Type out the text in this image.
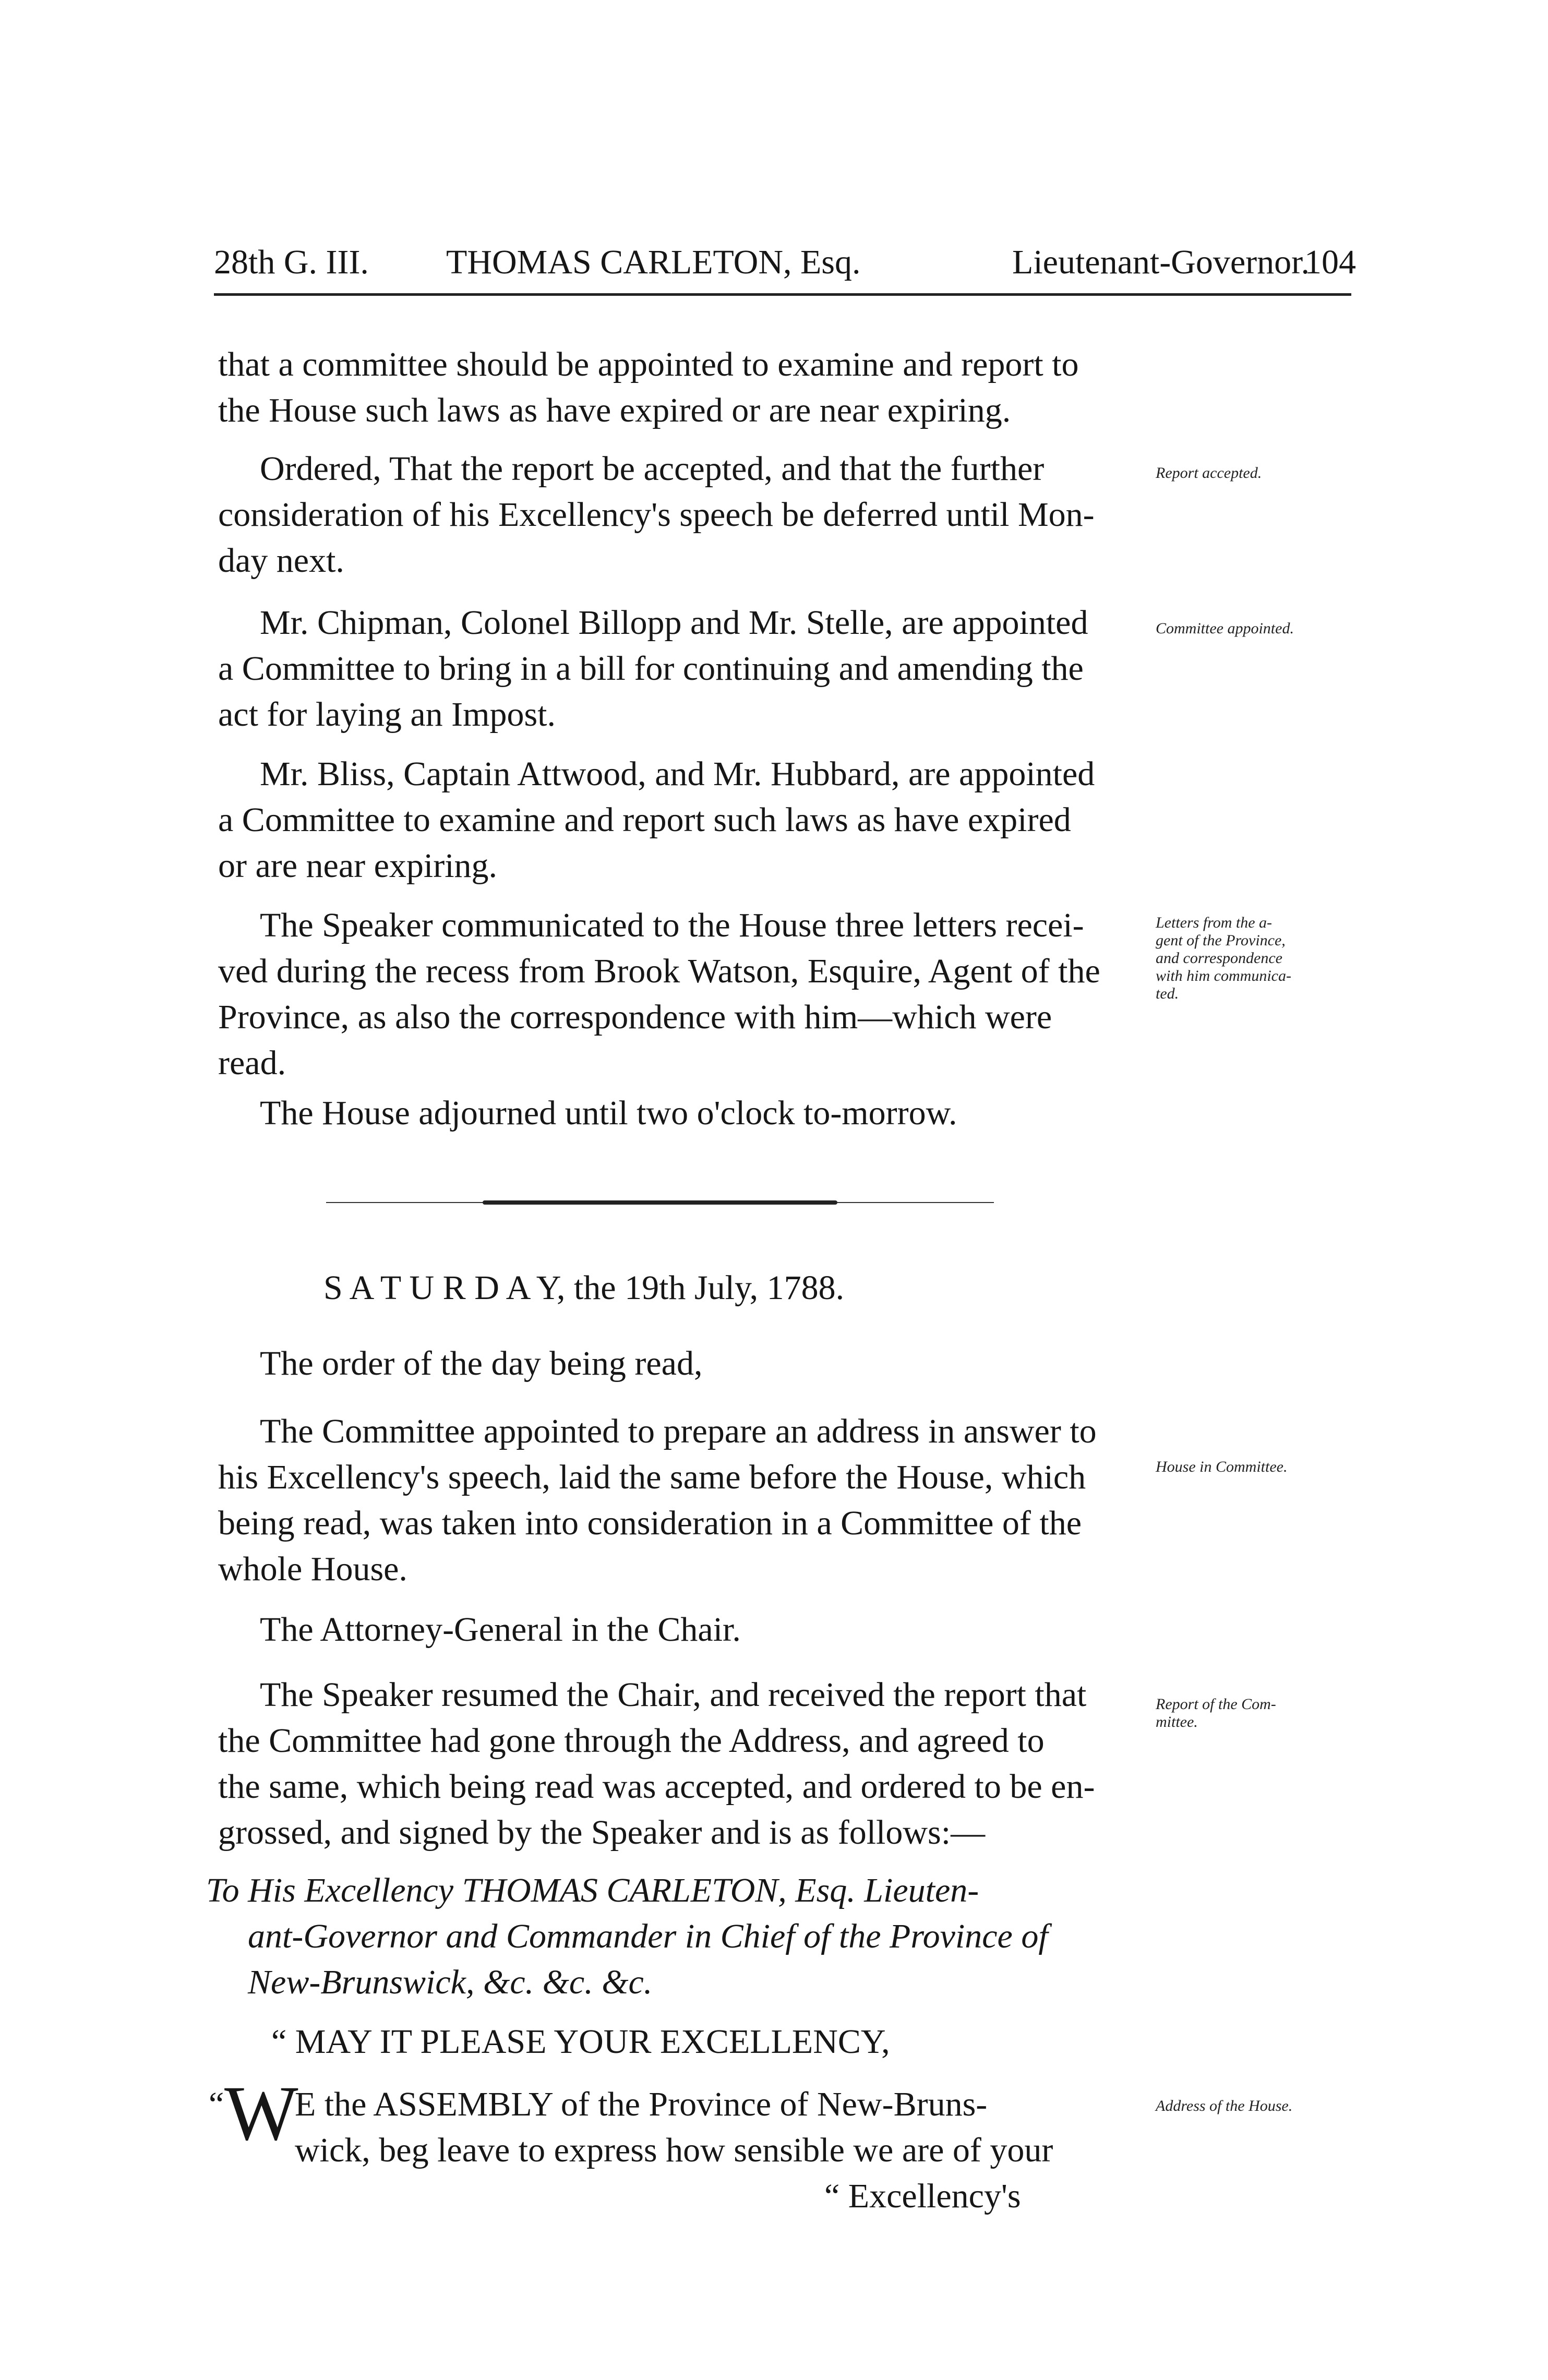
28th G. III. THOMAS CARLETON, Esq.	Lieutenant-Governor.
104
that a committee should be appointed to examine and report to
the House such laws as have expired or are near expiring.
Ordered, That the report be accepted, and that the further
consideration of his Excellency's speech be deferred until Mon-
day next.
Report accepted.
Mr. Chipman, Colonel Billopp and Mr. Stelle, are appointed
a Committee to bring in a bill for continuing and amending the
act for laying an Impost.
Committee appointed.
Mr. Bliss, Captain Attwood, and Mr. Hubbard, are appointed
a Committee to examine and report such laws as have expired
or are near expiring.
The Speaker communicated to the House three letters recei-
ved during the recess from Brook Watson, Esquire, Agent of the
Province, as also the correspondence with him—which were
read.
Letters from the a-
gent of the Province,
and correspondence
with him communica-
ted.
The House adjourned until two o'clock to-morrow.
S A T U R D A Y, the 19th July, 1788.
The order of the day being read,
The Committee appointed to prepare an address in answer to
his Excellency's speech, laid the same before the House, which
being read, was taken into consideration in a Committee of the
whole House.
House in Committee.
The Attorney-General in the Chair.
The Speaker resumed the Chair, and received the report that
the Committee had gone through the Address, and agreed to
the same, which being read was accepted, and ordered to be en-
grossed, and signed by the Speaker and is as follows:—
Report of the Com-
mittee.
To His Excellency THOMAS CARLETON, Esq. Lieuten-
ant-Governor and Commander in Chief of the Province of
New-Brunswick, &c. &c. &c.
“ MAY IT PLEASE YOUR EXCELLENCY,
“ W
E the ASSEMBLY of the Province of New-Bruns-
wick, beg leave to express how sensible we are of your
“ Excellency's
Address of the House.
